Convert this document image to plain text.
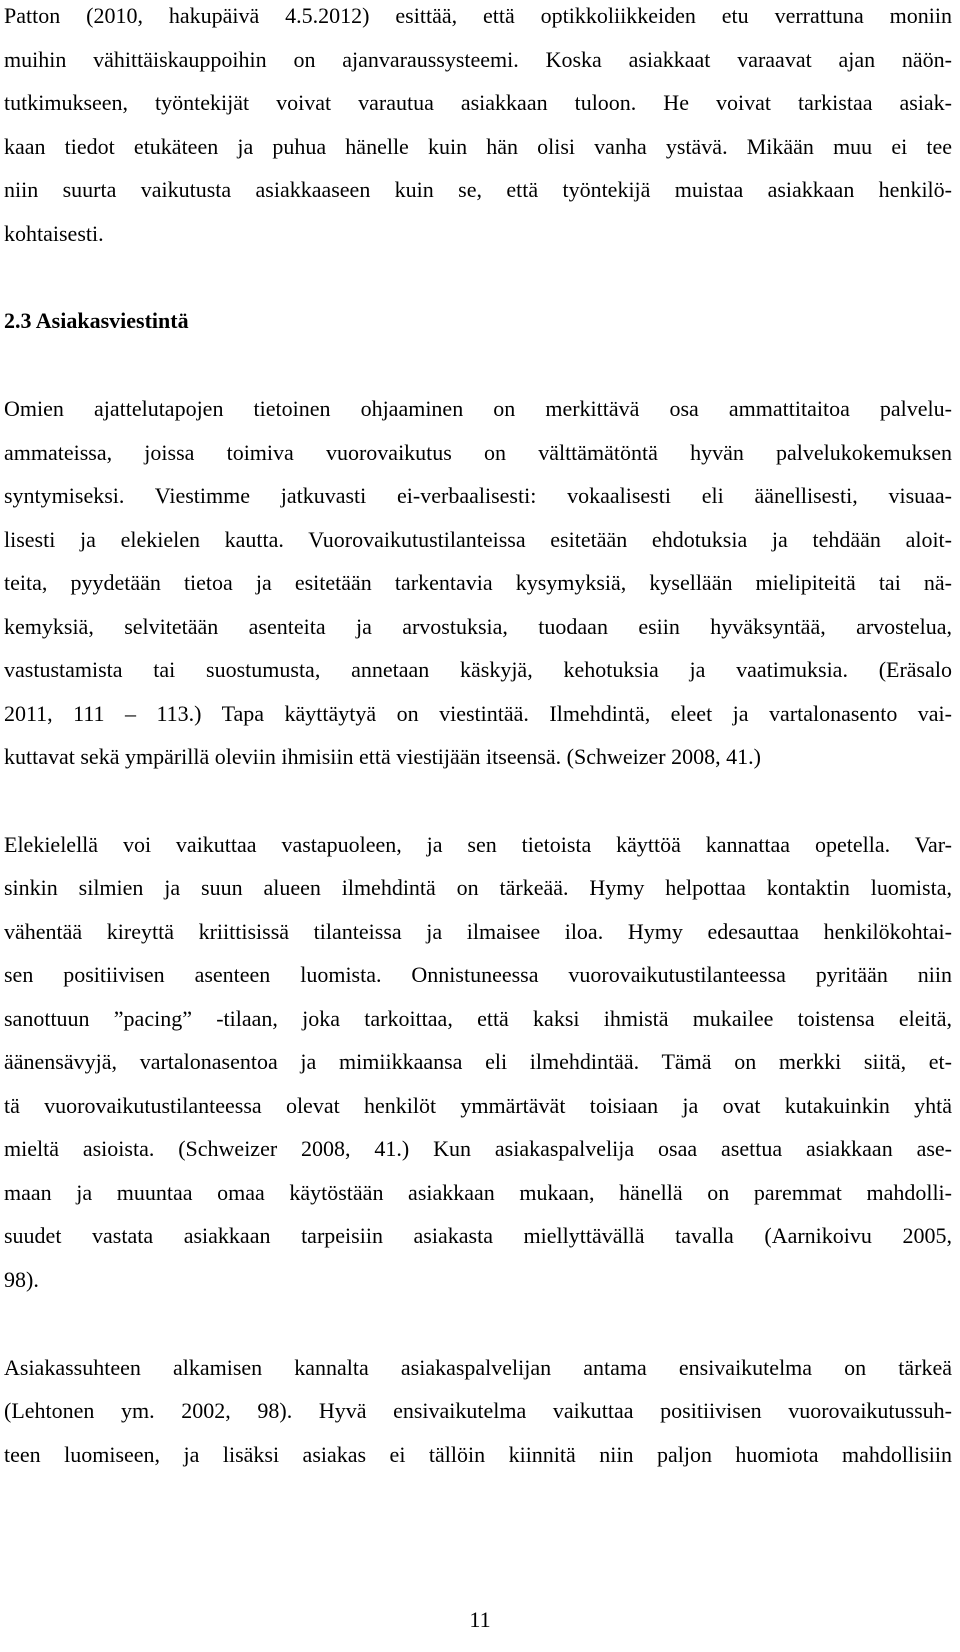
Patton (2010, hakupäivä 4.5.2012) esittää, että optikkoliikkeiden etu verrattuna moniin
muihin vähittäiskauppoihin on ajanvaraussysteemi. Koska asiakkaat varaavat ajan näön-
tutkimukseen, työntekijät voivat varautua asiakkaan tuloon. He voivat tarkistaa asiak-
kaan tiedot etukäteen ja puhua hänelle kuin hän olisi vanha ystävä. Mikään muu ei tee
niin suurta vaikutusta asiakkaaseen kuin se, että työntekijä muistaa asiakkaan henkilö-
kohtaisesti.
2.3 Asiakasviestintä
Omien ajattelutapojen tietoinen ohjaaminen on merkittävä osa ammattitaitoa palvelu-
ammateissa, joissa toimiva vuorovaikutus on välttämätöntä hyvän palvelukokemuksen
syntymiseksi. Viestimme jatkuvasti ei-verbaalisesti: vokaalisesti eli äänellisesti, visuaa-
lisesti ja elekielen kautta. Vuorovaikutustilanteissa esitetään ehdotuksia ja tehdään aloit-
teita, pyydetään tietoa ja esitetään tarkentavia kysymyksiä, kysellään mielipiteitä tai nä-
kemyksiä, selvitetään asenteita ja arvostuksia, tuodaan esiin hyväksyntää, arvostelua,
vastustamista tai suostumusta, annetaan käskyjä, kehotuksia ja vaatimuksia. (Eräsalo
2011, 111 – 113.) Tapa käyttäytyä on viestintää. Ilmehdintä, eleet ja vartalonasento vai-
kuttavat sekä ympärillä oleviin ihmisiin että viestijään itseensä. (Schweizer 2008, 41.)
Elekielellä voi vaikuttaa vastapuoleen, ja sen tietoista käyttöä kannattaa opetella. Var-
sinkin silmien ja suun alueen ilmehdintä on tärkeää. Hymy helpottaa kontaktin luomista,
vähentää kireyttä kriittisissä tilanteissa ja ilmaisee iloa. Hymy edesauttaa henkilökohtai-
sen positiivisen asenteen luomista. Onnistuneessa vuorovaikutustilanteessa pyritään niin
sanottuun ”pacing” -tilaan, joka tarkoittaa, että kaksi ihmistä mukailee toistensa eleitä,
äänensävyjä, vartalonasentoa ja mimiikkaansa eli ilmehdintää. Tämä on merkki siitä, et-
tä vuorovaikutustilanteessa olevat henkilöt ymmärtävät toisiaan ja ovat kutakuinkin yhtä
mieltä asioista. (Schweizer 2008, 41.) Kun asiakaspalvelija osaa asettua asiakkaan ase-
maan ja muuntaa omaa käytöstään asiakkaan mukaan, hänellä on paremmat mahdolli-
suudet vastata asiakkaan tarpeisiin asiakasta miellyttävällä tavalla (Aarnikoivu 2005,
98).
Asiakassuhteen alkamisen kannalta asiakaspalvelijan antama ensivaikutelma on tärkeä
(Lehtonen ym. 2002, 98). Hyvä ensivaikutelma vaikuttaa positiivisen vuorovaikutussuh-
teen luomiseen, ja lisäksi asiakas ei tällöin kiinnitä niin paljon huomiota mahdollisiin
11
